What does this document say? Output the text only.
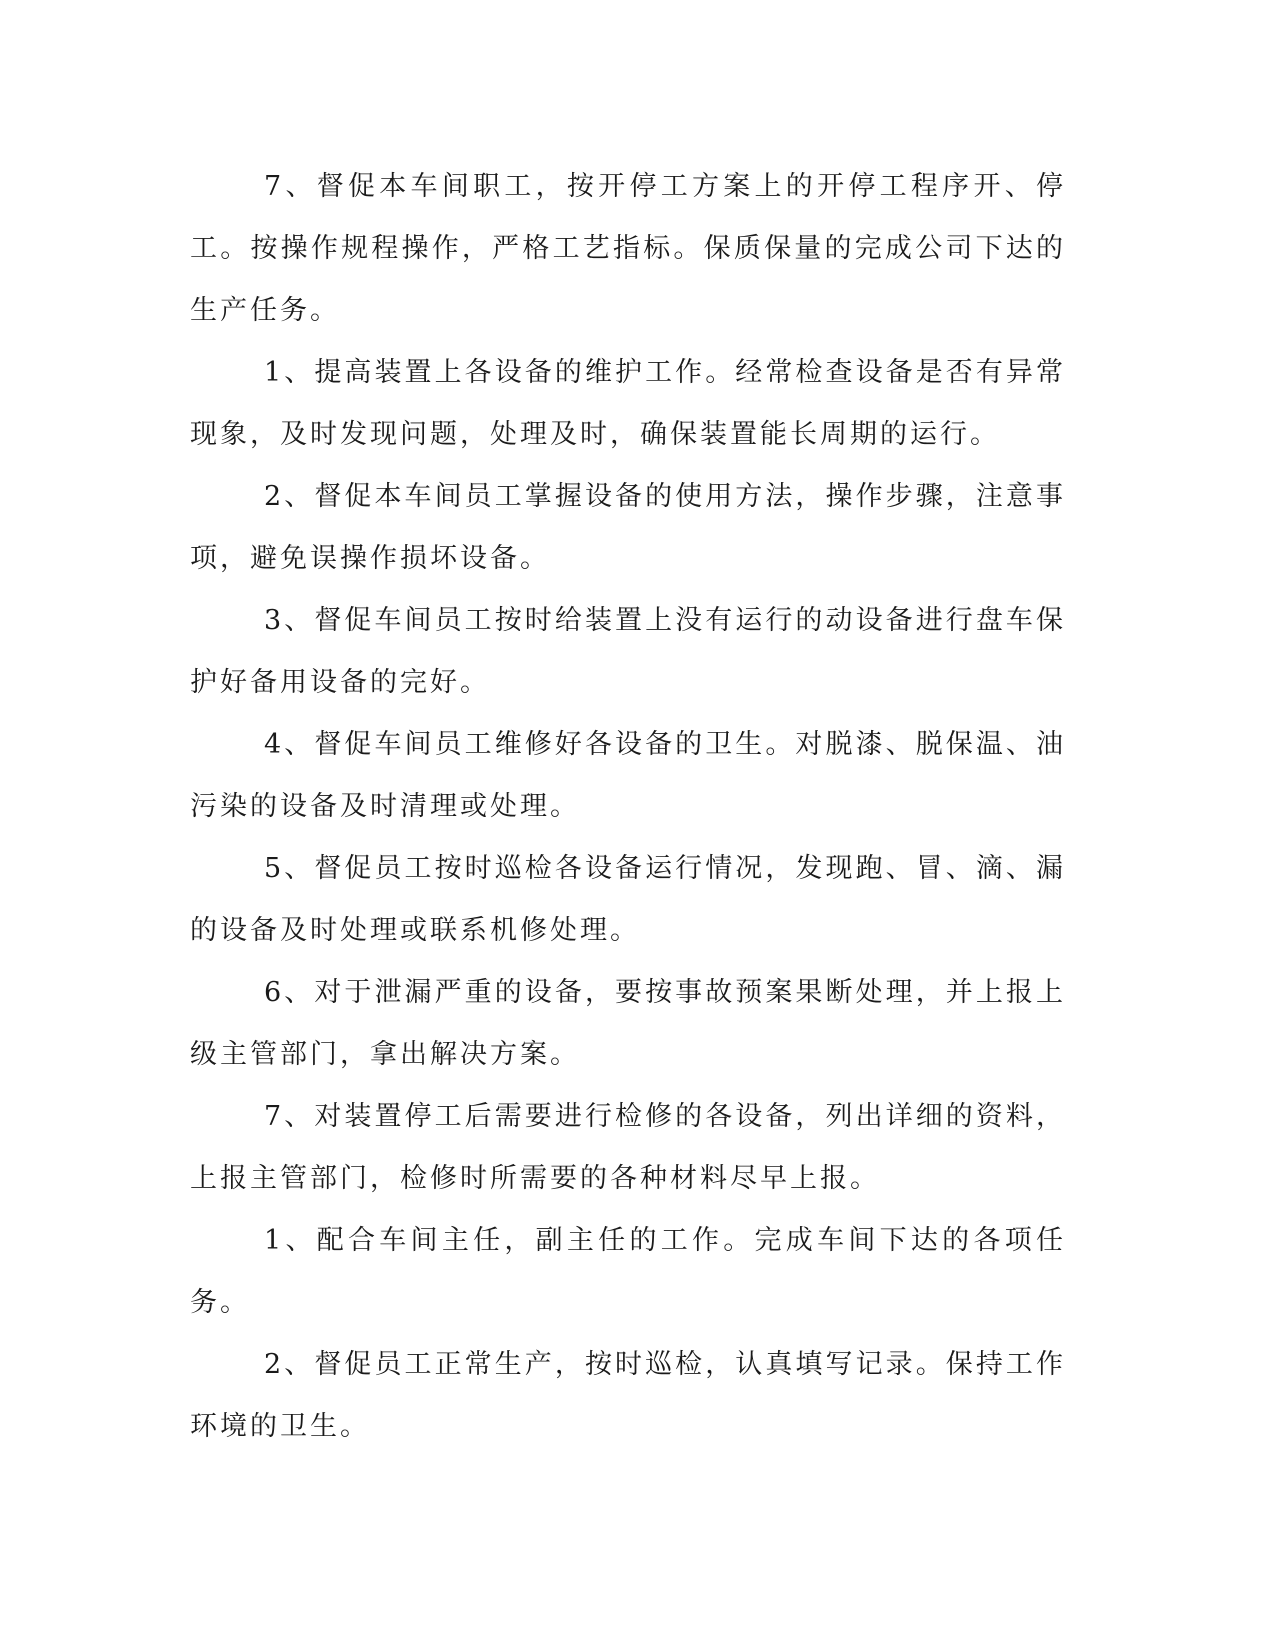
7、督促本车间职工，按开停工方案上的开停工程序开、停工。按操作规程操作，严格工艺指标。保质保量的完成公司下达的生产任务。

1、提高装置上各设备的维护工作。经常检查设备是否有异常现象，及时发现问题，处理及时，确保装置能长周期的运行。

2、督促本车间员工掌握设备的使用方法，操作步骤，注意事项，避免误操作损坏设备。

3、督促车间员工按时给装置上没有运行的动设备进行盘车保护好备用设备的完好。

4、督促车间员工维修好各设备的卫生。对脱漆、脱保温、油污染的设备及时清理或处理。

5、督促员工按时巡检各设备运行情况，发现跑、冒、滴、漏的设备及时处理或联系机修处理。

6、对于泄漏严重的设备，要按事故预案果断处理，并上报上级主管部门，拿出解决方案。

7、对装置停工后需要进行检修的各设备，列出详细的资料，上报主管部门，检修时所需要的各种材料尽早上报。

1、配合车间主任，副主任的工作。完成车间下达的各项任务。

2、督促员工正常生产，按时巡检，认真填写记录。保持工作环境的卫生。
